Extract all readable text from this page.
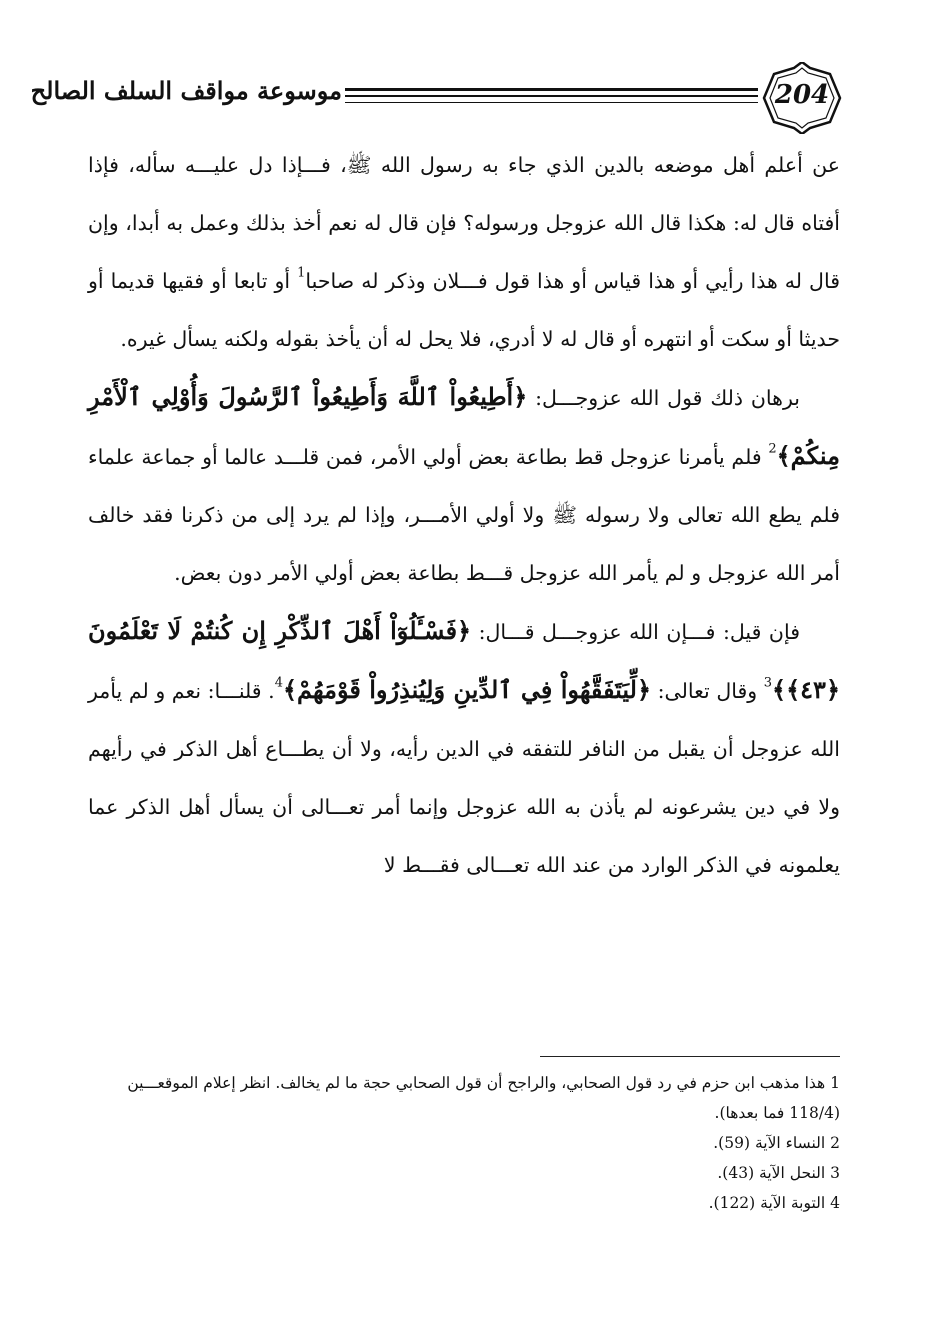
موسوعة مواقف السلف الصالح	204

عن أعلم أهل موضعه بالدين الذي جاء به رسول الله ﷺ، فـــإذا دل عليـــه سأله، فإذا أفتاه قال له: هكذا قال الله عزوجل ورسوله؟ فإن قال له نعم أخذ بذلك وعمل به أبدا، وإن قال له هذا رأيي أو هذا قياس أو هذا قول فـــلان وذكر له صاحبا$^1$ أو تابعا أو فقيها قديما أو حديثا أو سكت أو انتهره أو قال له لا أدري، فلا يحل له أن يأخذ بقوله ولكنه يسأل غيره.

برهان ذلك قول الله عزوجـــل: ﴿أَطِيعُواْ ٱللَّهَ وَأَطِيعُواْ ٱلرَّسُولَ وَأُوْلِي ٱلْأَمْرِ مِنكُمْ﴾$^2$ فلم يأمرنا عزوجل قط بطاعة بعض أولي الأمر، فمن قلـــد عالما أو جماعة علماء فلم يطع الله تعالى ولا رسوله ﷺ ولا أولي الأمـــر، وإذا لم يرد إلى من ذكرنا فقد خالف أمر الله عزوجل و لم يأمر الله عزوجل قـــط بطاعة بعض أولي الأمر دون بعض.

فإن قيل: فـــإن الله عزوجـــل قـــال: ﴿فَسْـَٔلُوٓاْ أَهْلَ ٱلذِّكْرِ إِن كُنتُمْ لَا تَعْلَمُونَ ﴿٤٣﴾﴾$^3$ وقال تعالى: ﴿لِّيَتَفَقَّهُواْ فِي ٱلدِّينِ وَلِيُنذِرُواْ قَوْمَهُمْ﴾$^4$. قلنـــا: نعم و لم يأمر الله عزوجل أن يقبل من النافر للتفقه في الدين رأيه، ولا أن يطـــاع أهل الذكر في رأيهم ولا في دين يشرعونه لم يأذن به الله عزوجل وإنما أمر تعـــالى أن يسأل أهل الذكر عما يعلمونه في الذكر الوارد من عند الله تعـــالى فقـــط لا

1 هذا مذهب ابن حزم في رد قول الصحابي، والراجح أن قول الصحابي حجة ما لم يخالف. انظر إعلام الموقعـــين (118/4 فما بعدها).

2 النساء الآية (59).

3 النحل الآية (43).

4 التوبة الآية (122).
